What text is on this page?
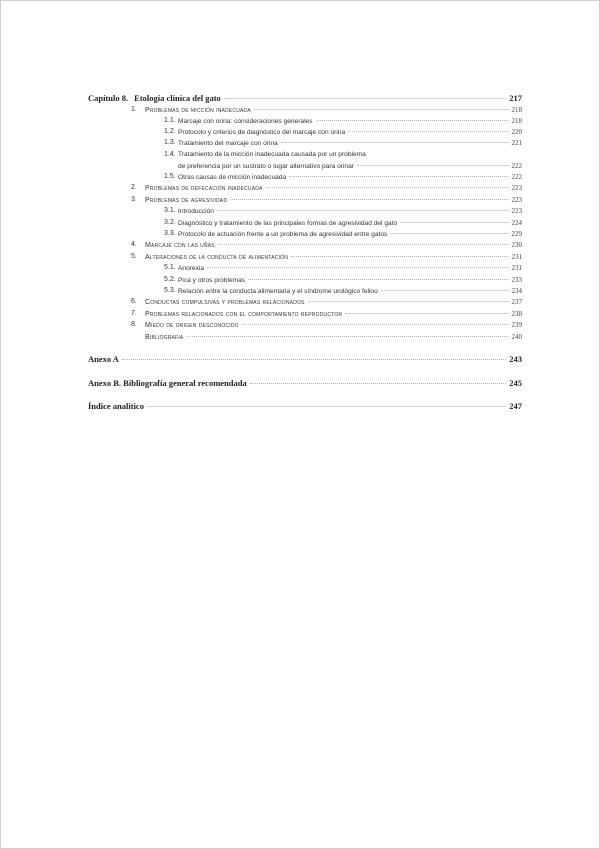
Capítulo 8. Etología clínica del gato	217
1. Problemas de micción inadecuada	218
1.1. Marcaje con orina: consideraciones generales	218
1.2. Protocolo y criterios de diagnóstico del marcaje con orina	220
1.3. Tratamiento del marcaje con orina	221
1.4. Tratamiento de la micción inadecuada causada por un problema
de preferencia por un sustrato o lugar alternativo para orinar	222
1.5. Otras causas de micción inadecuada	222
2. Problemas de defecación inadecuada	223
3. Problemas de agresividad	223
3.1. Introducción	223
3.2. Diagnóstico y tratamiento de las principales formas de agresividad del gato	224
3.3. Protocolo de actuación frente a un problema de agresividad entre gatos	229
4. Marcaje con las uñas	230
5. Alteraciones de la conducta de alimentación	231
5.1. Anorexia	231
5.2. Pica y otros problemas	233
5.3. Relación entre la conducta alimentaria y el síndrome urológico felino	234
6. Conductas compulsivas y problemas relacionados	237
7. Problemas relacionados con el comportamiento reproductor	238
8. Miedo de origen desconocido	239
Bibliografía	240
Anexo A	243
Anexo B. Bibliografía general recomendada	245
Índice analítico	247
